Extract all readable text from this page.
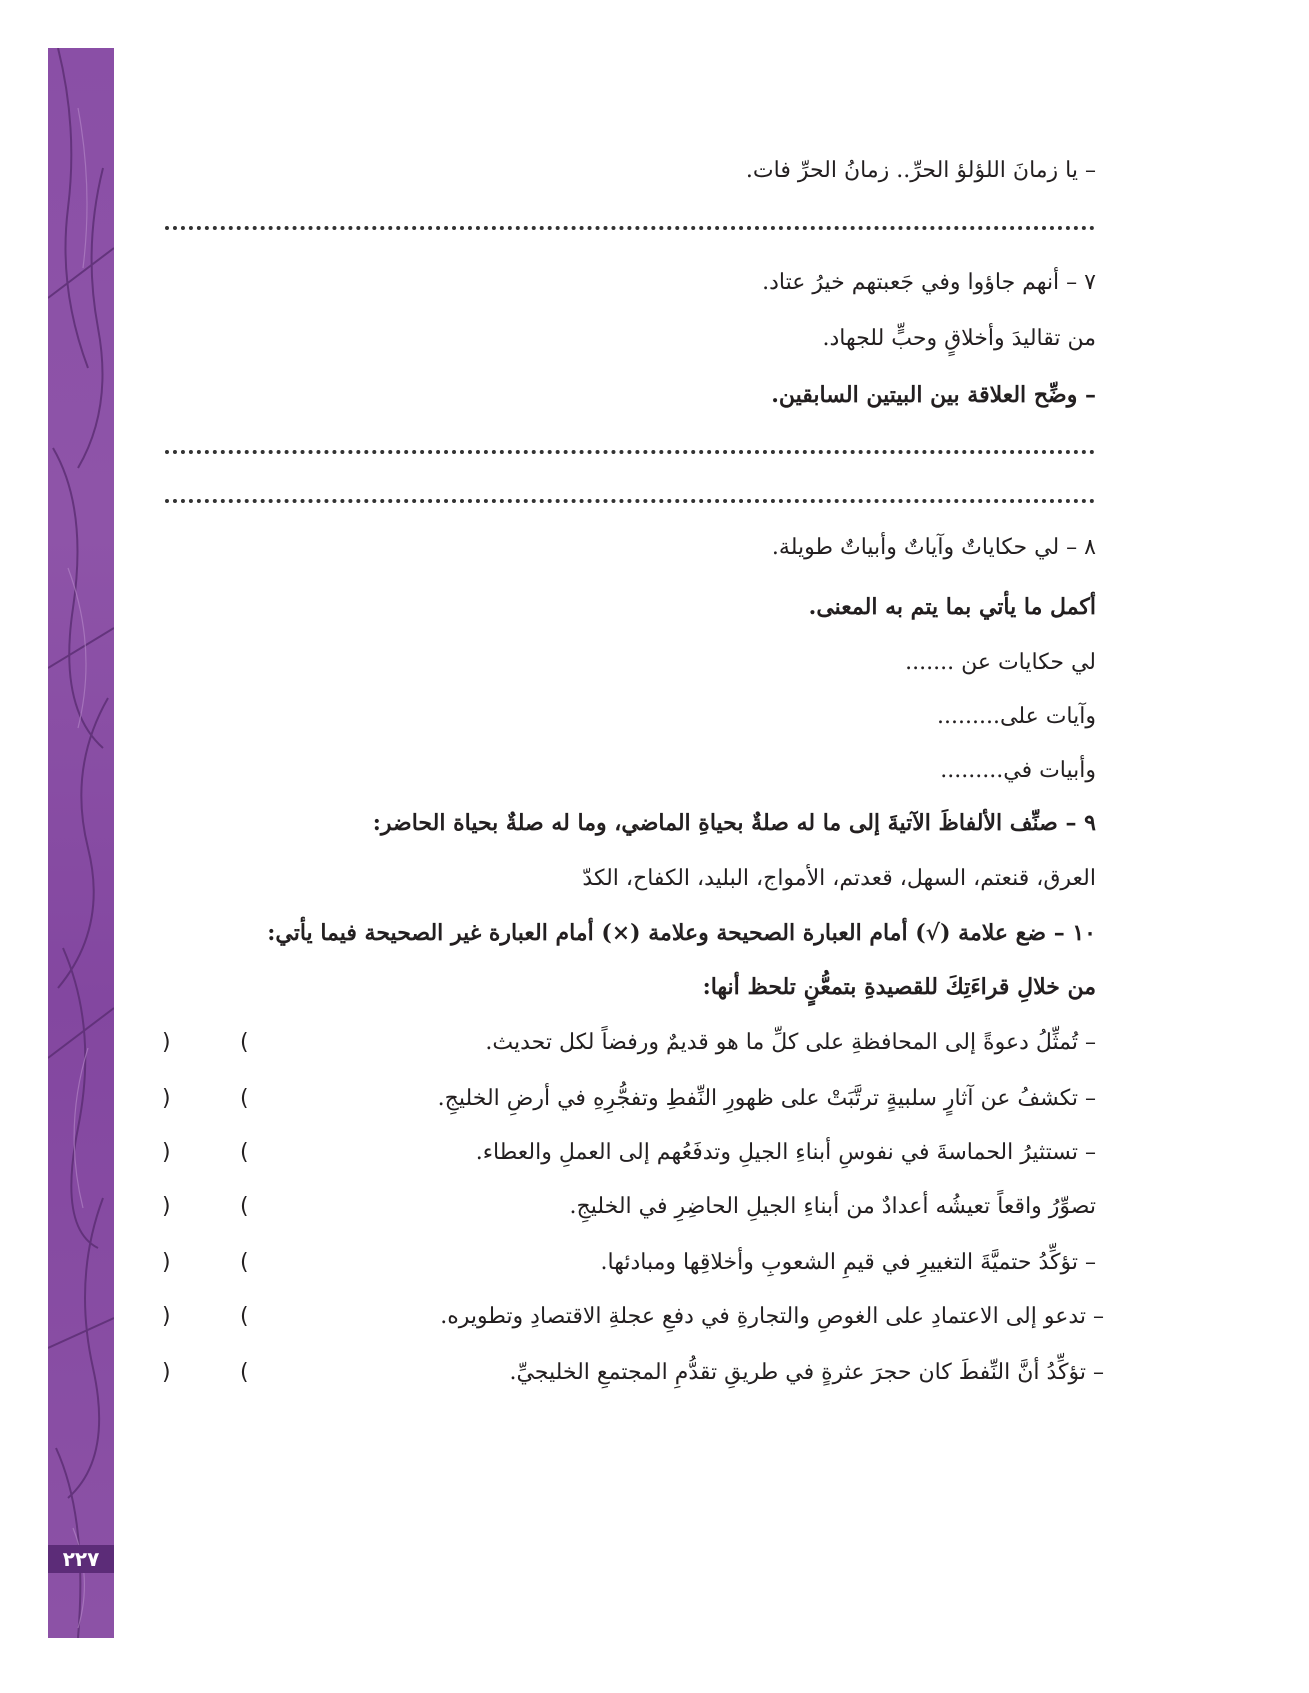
٢٢٧
– يا زمانَ اللؤلؤ الحرِّ.. زمانُ الحرِّ فات.
٧ – أنهم جاؤوا وفي جَعبتهم خيرُ عتاد.
من تقاليدَ وأخلاقٍ وحبٍّ للجهاد.
– وضِّح العلاقة بين البيتين السابقين.
٨ – لي حكاياتٌ وآياتٌ وأبياتٌ طويلة.
أكمل ما يأتي بما يتم به المعنى.
لي حكايات عن .......
وآيات على.........
وأبيات في.........
٩ – صنِّف الألفاظَ الآتيةَ إلى ما له صلةٌ بحياةِ الماضي، وما له صلةٌ بحياة الحاضر:
العرق، قنعتم، السهل، قعدتم، الأمواج، البليد، الكفاح، الكدّ
١٠ – ضع علامة (√) أمام العبارة الصحيحة وعلامة (×) أمام العبارة غير الصحيحة فيما يأتي:
من خلالِ قراءَتِكَ للقصيدةِ بتمعُّنٍ تلحظ أنها:
– تُمثِّلُ دعوةً إلى المحافظةِ على كلِّ ما هو قديمٌ ورفضاً لكل تحديث.
(
)
– تكشفُ عن آثارٍ سلبيةٍ ترتَّبَتْ على ظهورِ النِّفطِ وتفجُّرِهِ في أرضِ الخليجِ.
(
)
– تستثيرُ الحماسةَ في نفوسِ أبناءِ الجيلِ وتدفَعُهم إلى العملِ والعطاء.
(
)
تصوِّرُ واقعاً تعيشُه أعدادٌ من أبناءِ الجيلِ الحاضِرِ في الخليجِ.
(
)
– تؤكِّدُ حتميَّةَ التغييرِ في قيمِ الشعوبِ وأخلاقِها ومبادئها.
(
)
– تدعو إلى الاعتمادِ على الغوصِ والتجارةِ في دفعِ عجلةِ الاقتصادِ وتطويره.
(
)
– تؤكِّدُ أنَّ النِّفطَ كان حجرَ عثرةٍ في طريقِ تقدُّمِ المجتمعِ الخليجيِّ.
(
)
